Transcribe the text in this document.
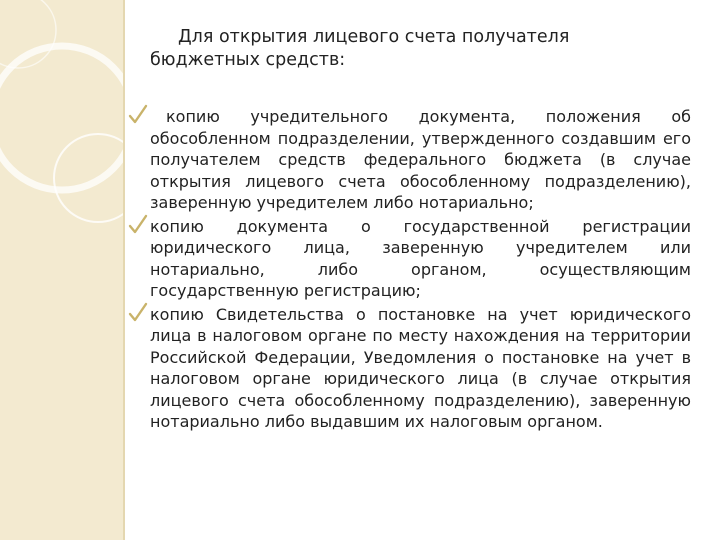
Для открытия лицевого счета получателя
бюджетных средств:
копию учредительного документа, положения об обособленном подразделении, утвержденного создавшим его получателем средств федерального бюджета (в случае открытия лицевого счета обособленному подразделению), заверенную учредителем либо нотариально;
копию документа о государственной регистрации юридического лица, заверенную учредителем или нотариально, либо органом, осуществляющим государственную регистрацию;
копию Свидетельства о постановке на учет юридического лица в налоговом органе по месту нахождения на территории Российской Федерации, Уведомления о постановке на учет в налоговом органе юридического лица (в случае открытия лицевого счета обособленному подразделению), заверенную нотариально либо выдавшим их налоговым органом.
